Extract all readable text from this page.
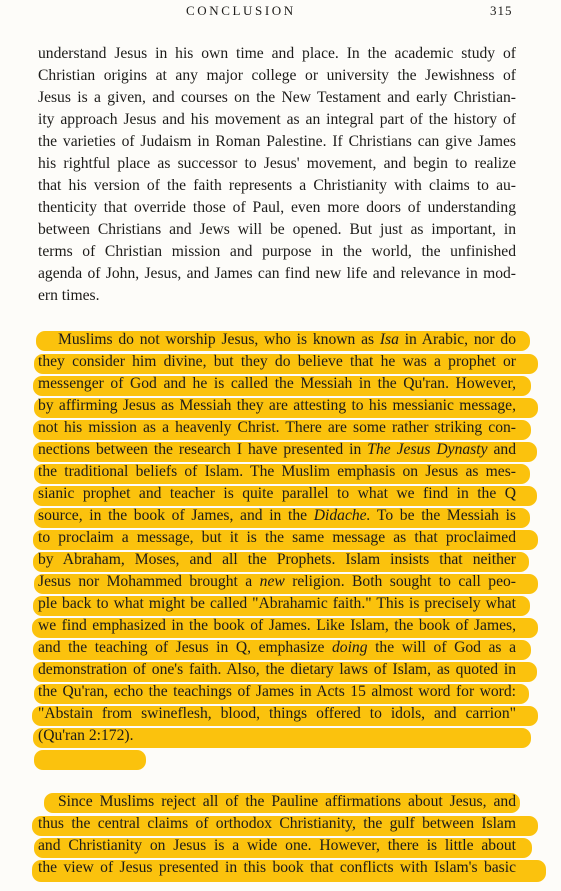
CONCLUSION	315
understand Jesus in his own time and place. In the academic study of
Christian origins at any major college or university the Jewishness of
Jesus is a given, and courses on the New Testament and early Christian-
ity approach Jesus and his movement as an integral part of the history of
the varieties of Judaism in Roman Palestine. If Christians can give James
his rightful place as successor to Jesus' movement, and begin to realize
that his version of the faith represents a Christianity with claims to au-
thenticity that override those of Paul, even more doors of understanding
between Christians and Jews will be opened. But just as important, in
terms of Christian mission and purpose in the world, the unfinished
agenda of John, Jesus, and James can find new life and relevance in mod-
ern times.
Muslims do not worship Jesus, who is known as Isa in Arabic, nor do
they consider him divine, but they do believe that he was a prophet or
messenger of God and he is called the Messiah in the Qu'ran. However,
by affirming Jesus as Messiah they are attesting to his messianic message,
not his mission as a heavenly Christ. There are some rather striking con-
nections between the research I have presented in The Jesus Dynasty and
the traditional beliefs of Islam. The Muslim emphasis on Jesus as mes-
sianic prophet and teacher is quite parallel to what we find in the Q
source, in the book of James, and in the Didache. To be the Messiah is
to proclaim a message, but it is the same message as that proclaimed
by Abraham, Moses, and all the Prophets. Islam insists that neither
Jesus nor Mohammed brought a new religion. Both sought to call peo-
ple back to what might be called "Abrahamic faith." This is precisely what
we find emphasized in the book of James. Like Islam, the book of James,
and the teaching of Jesus in Q, emphasize doing the will of God as a
demonstration of one's faith. Also, the dietary laws of Islam, as quoted in
the Qu'ran, echo the teachings of James in Acts 15 almost word for word:
"Abstain from swineflesh, blood, things offered to idols, and carrion"
(Qu'ran 2:172).
Since Muslims reject all of the Pauline affirmations about Jesus, and
thus the central claims of orthodox Christianity, the gulf between Islam
and Christianity on Jesus is a wide one. However, there is little about
the view of Jesus presented in this book that conflicts with Islam's basic
